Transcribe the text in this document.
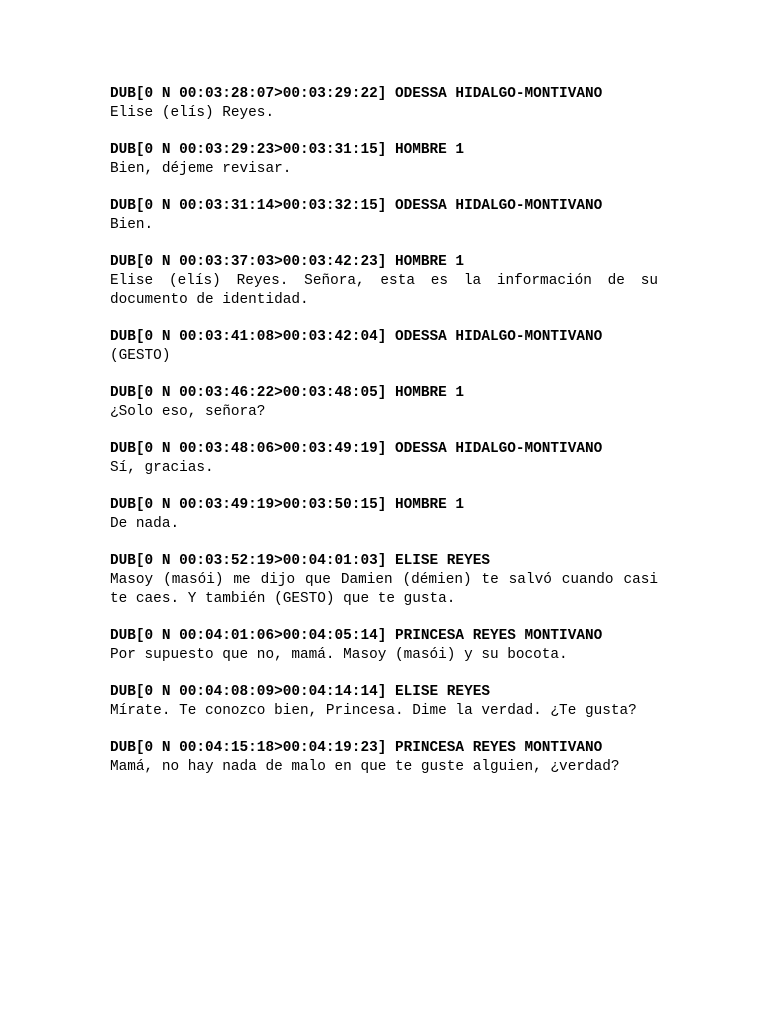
DUB[0 N 00:03:28:07>00:03:29:22] ODESSA HIDALGO-MONTIVANO
Elise (elís) Reyes.
DUB[0 N 00:03:29:23>00:03:31:15] HOMBRE 1
Bien, déjeme revisar.
DUB[0 N 00:03:31:14>00:03:32:15] ODESSA HIDALGO-MONTIVANO
Bien.
DUB[0 N 00:03:37:03>00:03:42:23] HOMBRE 1
Elise (elís) Reyes. Señora, esta es la información de su documento de identidad.
DUB[0 N 00:03:41:08>00:03:42:04] ODESSA HIDALGO-MONTIVANO
(GESTO)
DUB[0 N 00:03:46:22>00:03:48:05] HOMBRE 1
¿Solo eso, señora?
DUB[0 N 00:03:48:06>00:03:49:19] ODESSA HIDALGO-MONTIVANO
Sí, gracias.
DUB[0 N 00:03:49:19>00:03:50:15] HOMBRE 1
De nada.
DUB[0 N 00:03:52:19>00:04:01:03] ELISE REYES
Masoy (masói) me dijo que Damien (démien) te salvó cuando casi te caes. Y también (GESTO) que te gusta.
DUB[0 N 00:04:01:06>00:04:05:14] PRINCESA REYES MONTIVANO
Por supuesto que no, mamá. Masoy (masói) y su bocota.
DUB[0 N 00:04:08:09>00:04:14:14] ELISE REYES
Mírate. Te conozco bien, Princesa. Dime la verdad. ¿Te gusta?
DUB[0 N 00:04:15:18>00:04:19:23] PRINCESA REYES MONTIVANO
Mamá, no hay nada de malo en que te guste alguien, ¿verdad?
